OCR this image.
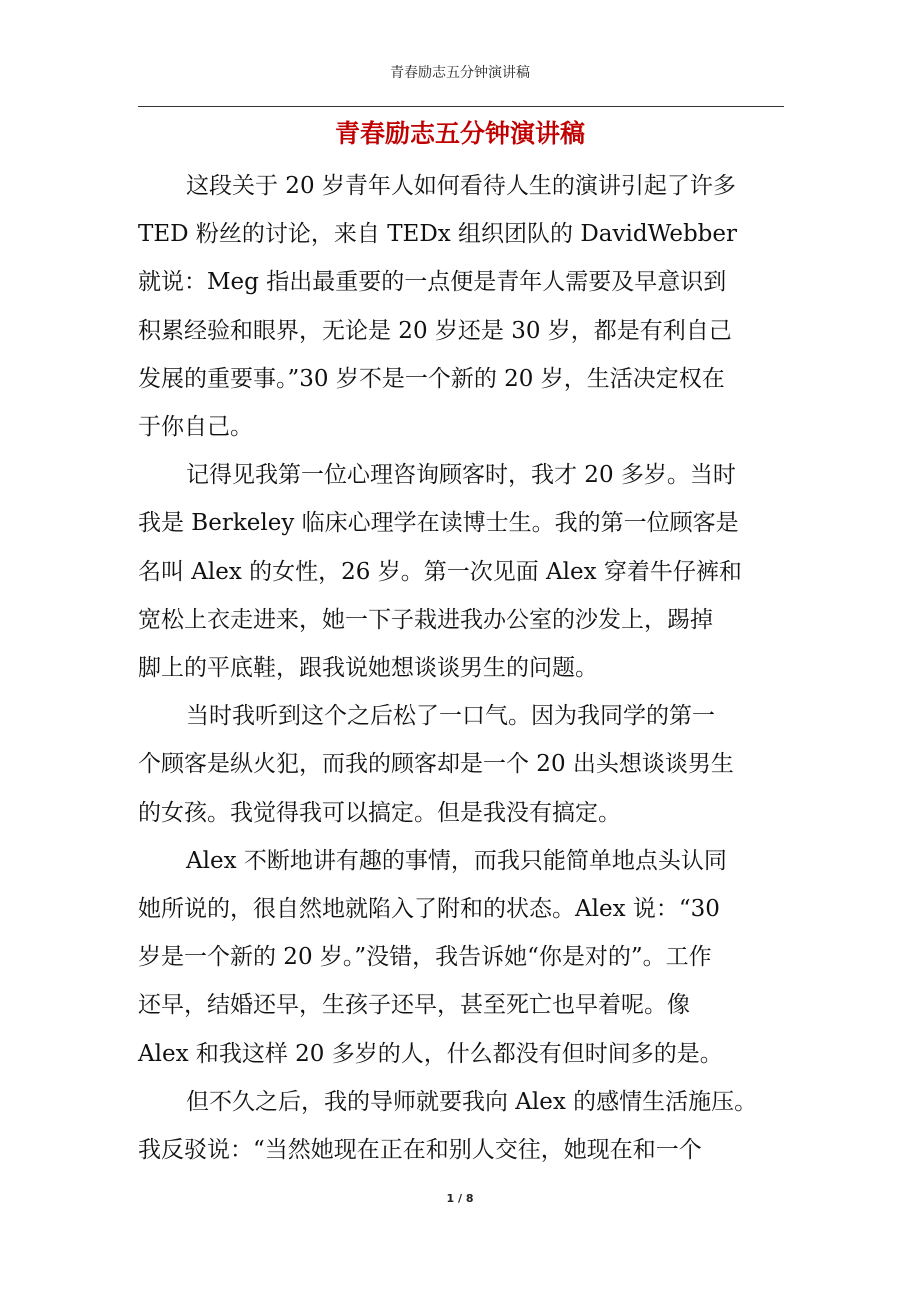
青春励志五分钟演讲稿
青春励志五分钟演讲稿

这段关于 20 岁青年人如何看待人生的演讲引起了许多
TED 粉丝的讨论，来自 TEDx 组织团队的 DavidWebber
就说：Meg 指出最重要的一点便是青年人需要及早意识到
积累经验和眼界，无论是 20 岁还是 30 岁，都是有利自己
发展的重要事。”30 岁不是一个新的 20 岁，生活决定权在
于你自己。

记得见我第一位心理咨询顾客时，我才 20 多岁。当时
我是 Berkeley 临床心理学在读博士生。我的第一位顾客是
名叫 Alex 的女性，26 岁。第一次见面 Alex 穿着牛仔裤和
宽松上衣走进来，她一下子栽进我办公室的沙发上，踢掉
脚上的平底鞋，跟我说她想谈谈男生的问题。

当时我听到这个之后松了一口气。因为我同学的第一
个顾客是纵火犯，而我的顾客却是一个 20 出头想谈谈男生
的女孩。我觉得我可以搞定。但是我没有搞定。

Alex 不断地讲有趣的事情，而我只能简单地点头认同
她所说的，很自然地就陷入了附和的状态。Alex 说：“30
岁是一个新的 20 岁。”没错，我告诉她“你是对的”。工作
还早，结婚还早，生孩子还早，甚至死亡也早着呢。像
Alex 和我这样 20 多岁的人，什么都没有但时间多的是。

但不久之后，我的导师就要我向 Alex 的感情生活施压。
我反驳说：“当然她现在正在和别人交往，她现在和一个

1 / 8
